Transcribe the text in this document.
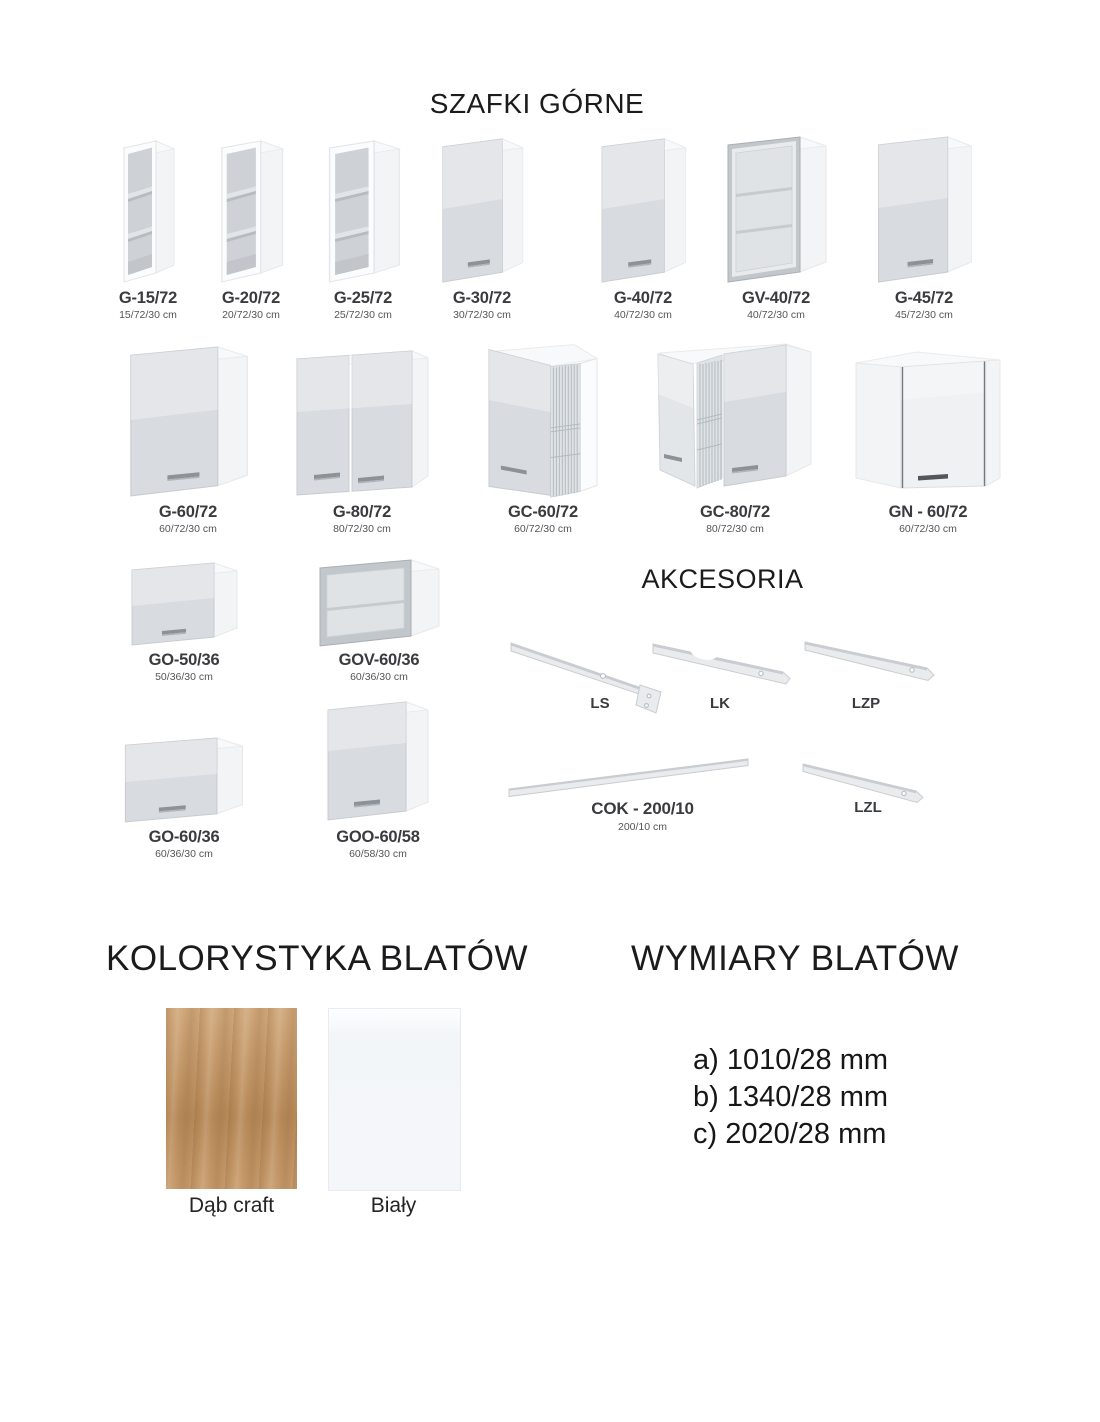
SZAFKI GÓRNE
G-15/72
15/72/30 cm
G-20/72
20/72/30 cm
G-25/72
25/72/30 cm
G-30/72
30/72/30 cm
G-40/72
40/72/30 cm
GV-40/72
40/72/30 cm
G-45/72
45/72/30 cm
G-60/72
60/72/30 cm
G-80/72
80/72/30 cm
GC-60/72
60/72/30 cm
GC-80/72
80/72/30 cm
GN - 60/72
60/72/30 cm
GO-50/36
50/36/30 cm
GOV-60/36
60/36/30 cm
GO-60/36
60/36/30 cm
GOO-60/58
60/58/30 cm
AKCESORIA
LS	LK	LZP
COK - 200/10
200/10 cm
LZL
KOLORYSTYKA BLATÓW
Dąb craft	Biały
WYMIARY BLATÓW
a) 1010/28 mm
b) 1340/28 mm
c) 2020/28 mm
